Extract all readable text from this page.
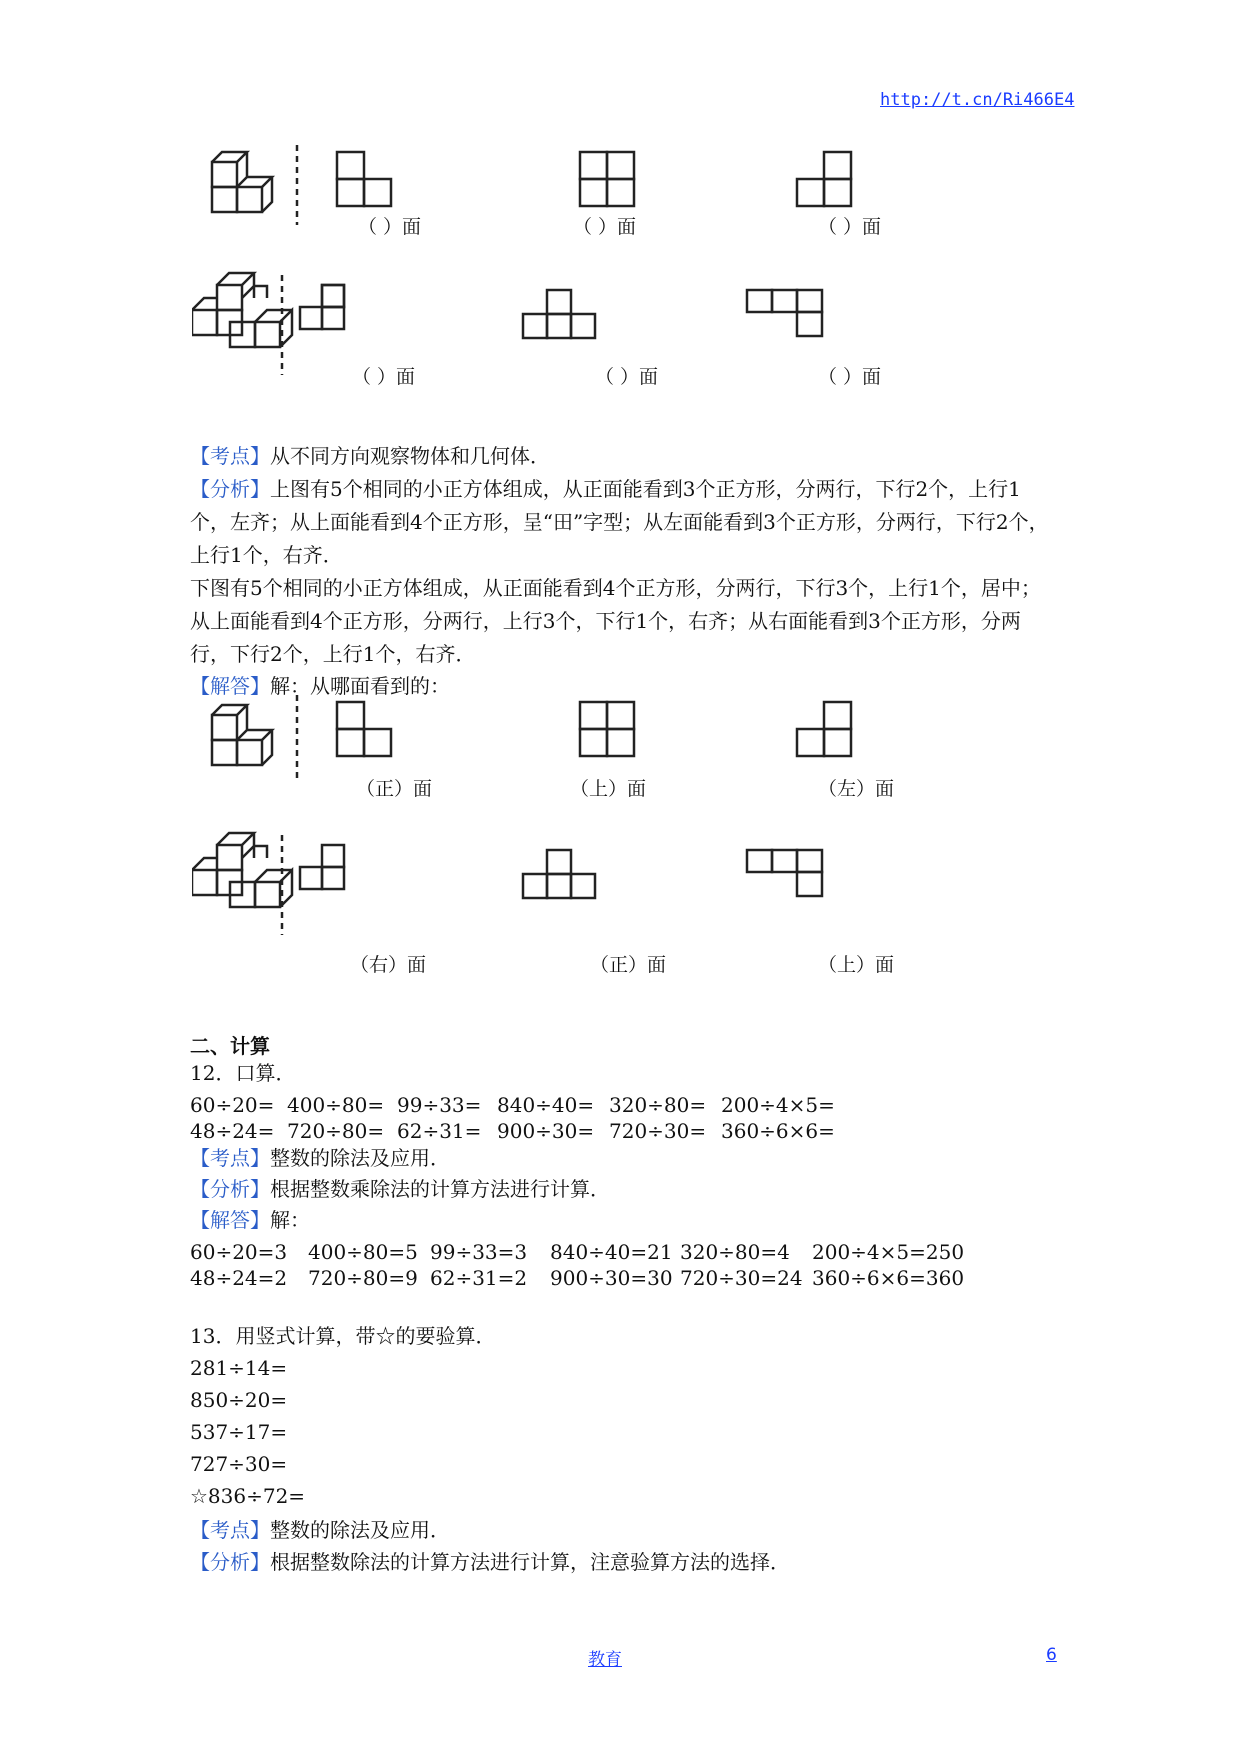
http://t.cn/Ri466E4
（ ）面	（ ）面	（ ）面
（ ）面	（ ）面	（ ）面
【考点】从不同方向观察物体和几何体．
【分析】上图有5个相同的小正方体组成，从正面能看到3个正方形，分两行，下行2个，上行1个，左齐；从上面能看到4个正方形，呈“田”字型；从左面能看到3个正方形，分两行，下行2个，上行1个，右齐．
下图有5个相同的小正方体组成，从正面能看到4个正方形，分两行，下行3个，上行1个，居中；从上面能看到4个正方形，分两行，上行3个，下行1个，右齐；从右面能看到3个正方形，分两行，下行2个，上行1个，右齐．
【解答】解：从哪面看到的：
（正）面	（上）面	（左）面
（右）面	（正）面	（上）面
二、计算
12．口算．
60÷20= 400÷80= 99÷33= 840÷40= 320÷80= 200÷4×5=
48÷24= 720÷80= 62÷31= 900÷30= 720÷30= 360÷6×6=
【考点】整数的除法及应用．
【分析】根据整数乘除法的计算方法进行计算．
【解答】解：
60÷20=3 400÷80=5 99÷33=3 840÷40=21 320÷80=4 200÷4×5=250
48÷24=2 720÷80=9 62÷31=2 900÷30=30 720÷30=24 360÷6×6=360
13．用竖式计算，带☆的要验算．
281÷14=
850÷20=
537÷17=
727÷30=
☆836÷72=
【考点】整数的除法及应用．
【分析】根据整数除法的计算方法进行计算，注意验算方法的选择．
教育	6
